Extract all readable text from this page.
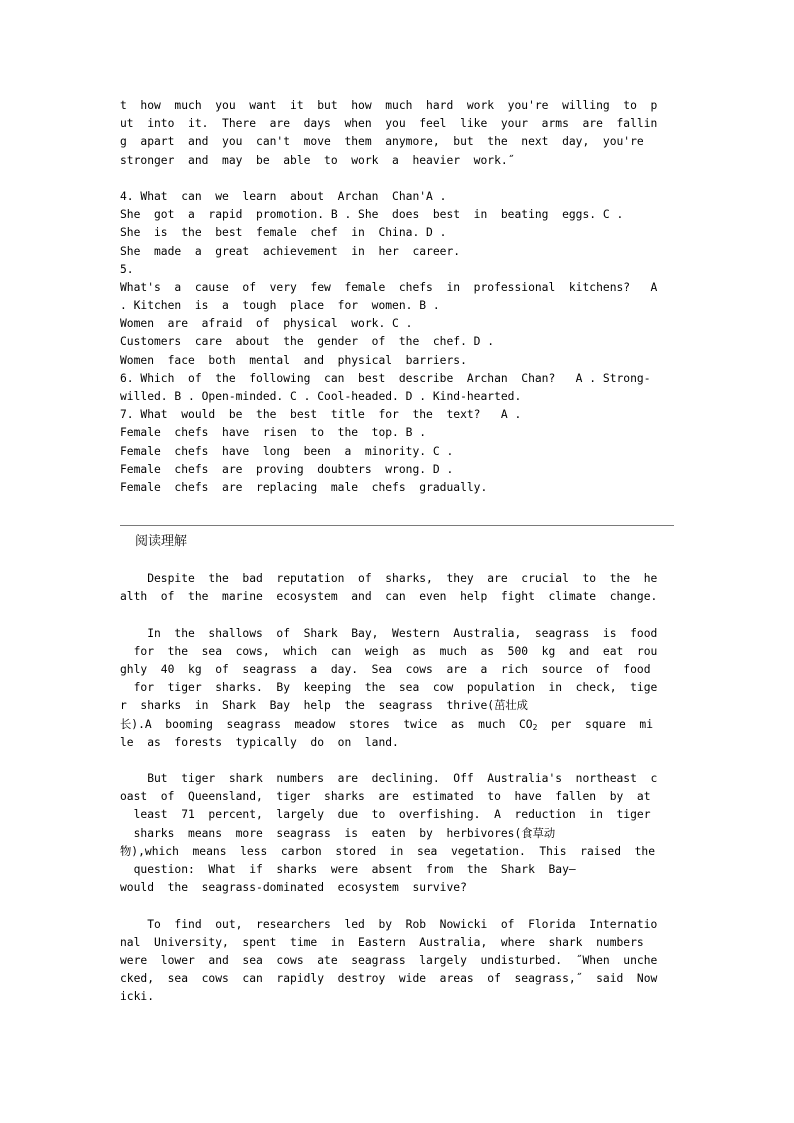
t  how  much  you  want  it  but  how  much  hard  work  you're  willing  to  p
ut  into  it.  There  are  days  when  you  feel  like  your  arms  are  fallin
g  apart  and  you  can't  move  them  anymore,  but  the  next  day,  you're
stronger  and  may  be  able  to  work  a  heavier  work.˝
4. What  can  we  learn  about  Archan  Chan'A .
She  got  a  rapid  promotion. B . She  does  best  in  beating  eggs. C .
She  is  the  best  female  chef  in  China. D .
She  made  a  great  achievement  in  her  career.
5.
What's  a  cause  of  very  few  female  chefs  in  professional  kitchens?   A
. Kitchen  is  a  tough  place  for  women. B .
Women  are  afraid  of  physical  work. C .
Customers  care  about  the  gender  of  the  chef. D .
Women  face  both  mental  and  physical  barriers.
6. Which  of  the  following  can  best  describe  Archan  Chan?   A . Strong-
willed. B . Open-minded. C . Cool-headed. D . Kind-hearted.
7. What  would  be  the  best  title  for  the  text?   A .
Female  chefs  have  risen  to  the  top. B .
Female  chefs  have  long  been  a  minority. C .
Female  chefs  are  proving  doubters  wrong. D .
Female  chefs  are  replacing  male  chefs  gradually.
阅读理解
Despite  the  bad  reputation  of  sharks,  they  are  crucial  to  the  he
alth  of  the  marine  ecosystem  and  can  even  help  fight  climate  change.
In  the  shallows  of  Shark  Bay,  Western  Australia,  seagrass  is  food
for  the  sea  cows,  which  can  weigh  as  much  as  500  kg  and  eat  rou
ghly  40  kg  of  seagrass  a  day.  Sea  cows  are  a  rich  source  of  food
for  tiger  sharks.  By  keeping  the  sea  cow  population  in  check,  tige
r  sharks  in  Shark  Bay  help  the  seagrass  thrive(茁壮成
长).A  booming  seagrass  meadow  stores  twice  as  much  $CO_2$  per  square  mi
le  as  forests  typically  do  on  land.
But  tiger  shark  numbers  are  declining.  Off  Australia's  northeast  c
oast  of  Queensland,  tiger  sharks  are  estimated  to  have  fallen  by  at
least  71  percent,  largely  due  to  overfishing.  A  reduction  in  tiger
sharks  means  more  seagrass  is  eaten  by  herbivores(食草动
物),which  means  less  carbon  stored  in  sea  vegetation.  This  raised  the
question:  What  if  sharks  were  absent  from  the  Shark  Bay—
would  the  seagrass-dominated  ecosystem  survive?
To  find  out,  researchers  led  by  Rob  Nowicki  of  Florida  Internatio
nal  University,  spent  time  in  Eastern  Australia,  where  shark  numbers
were  lower  and  sea  cows  ate  seagrass  largely  undisturbed.  ˝When  unche
cked,  sea  cows  can  rapidly  destroy  wide  areas  of  seagrass,˝  said  Now
icki.
